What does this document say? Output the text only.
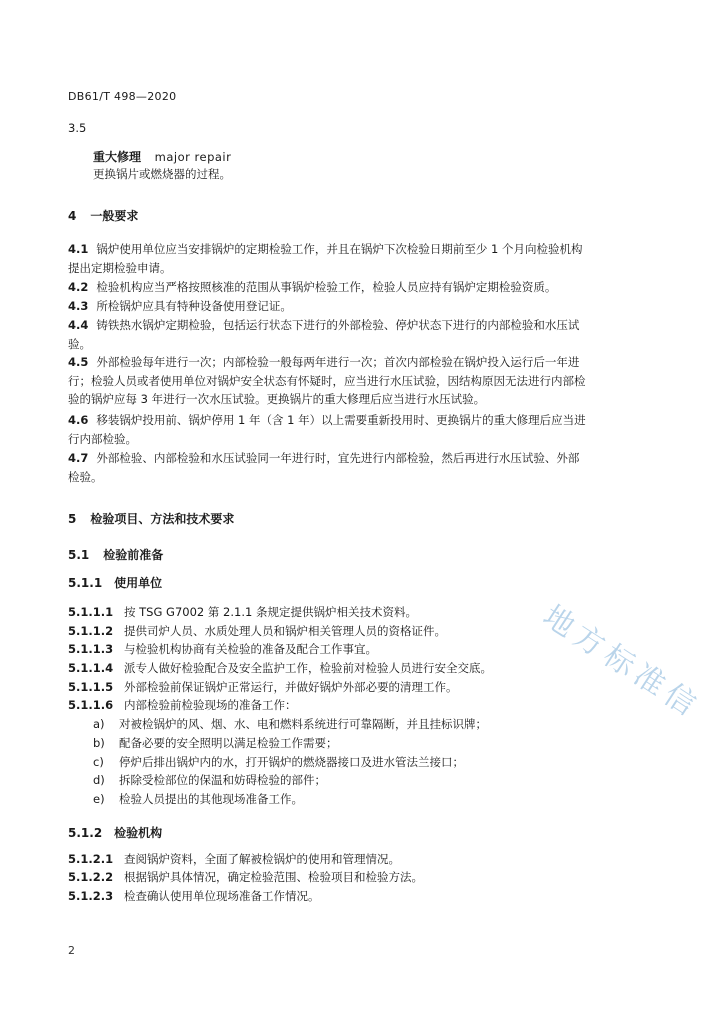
DB61/T 498—2020
3.5
重大修理 major repair
更换锅片或燃烧器的过程。
4 一般要求
4.1 锅炉使用单位应当安排锅炉的定期检验工作，并且在锅炉下次检验日期前至少 1 个月向检验机构
提出定期检验申请。
4.2 检验机构应当严格按照核准的范围从事锅炉检验工作，检验人员应持有锅炉定期检验资质。
4.3 所检锅炉应具有特种设备使用登记证。
4.4 铸铁热水锅炉定期检验，包括运行状态下进行的外部检验、停炉状态下进行的内部检验和水压试
验。
4.5 外部检验每年进行一次；内部检验一般每两年进行一次；首次内部检验在锅炉投入运行后一年进
行；检验人员或者使用单位对锅炉安全状态有怀疑时，应当进行水压试验，因结构原因无法进行内部检
验的锅炉应每 3 年进行一次水压试验。更换锅片的重大修理后应当进行水压试验。
4.6 移装锅炉投用前、锅炉停用 1 年（含 1 年）以上需要重新投用时、更换锅片的重大修理后应当进
行内部检验。
4.7 外部检验、内部检验和水压试验同一年进行时，宜先进行内部检验，然后再进行水压试验、外部
检验。
5 检验项目、方法和技术要求
5.1 检验前准备
5.1.1 使用单位
5.1.1.1 按 TSG G7002 第 2.1.1 条规定提供锅炉相关技术资料。
5.1.1.2 提供司炉人员、水质处理人员和锅炉相关管理人员的资格证件。
5.1.1.3 与检验机构协商有关检验的准备及配合工作事宜。
5.1.1.4 派专人做好检验配合及安全监护工作，检验前对检验人员进行安全交底。
5.1.1.5 外部检验前保证锅炉正常运行，并做好锅炉外部必要的清理工作。
5.1.1.6 内部检验前检验现场的准备工作：
a) 对被检锅炉的风、烟、水、电和燃料系统进行可靠隔断，并且挂标识牌；
b) 配备必要的安全照明以满足检验工作需要；
c) 停炉后排出锅炉内的水，打开锅炉的燃烧器接口及进水管法兰接口；
d) 拆除受检部位的保温和妨碍检验的部件；
e) 检验人员提出的其他现场准备工作。
5.1.2 检验机构
5.1.2.1 查阅锅炉资料，全面了解被检锅炉的使用和管理情况。
5.1.2.2 根据锅炉具体情况，确定检验范围、检验项目和检验方法。
5.1.2.3 检查确认使用单位现场准备工作情况。
2
地方标准信
